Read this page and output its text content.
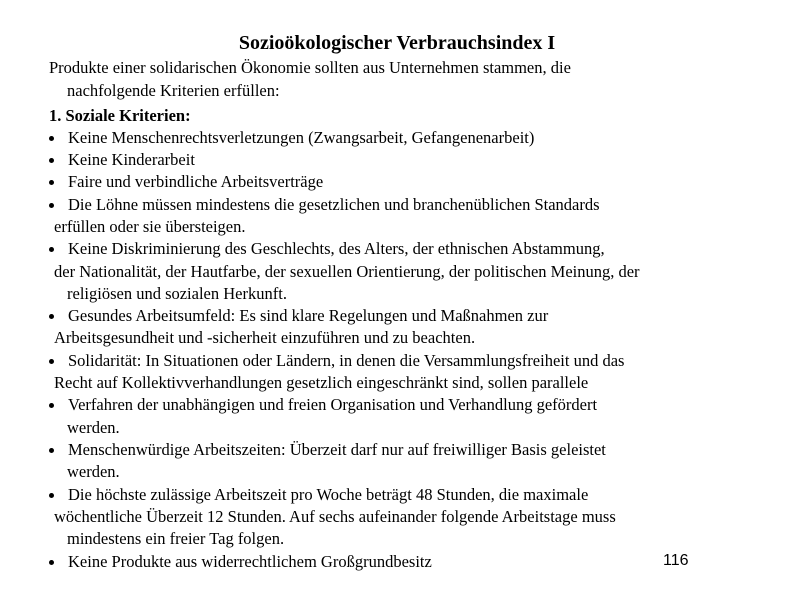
Sozioökologischer Verbrauchsindex I
Produkte einer solidarischen Ökonomie sollten aus Unternehmen stammen, die
nachfolgende Kriterien erfüllen:
1. Soziale Kriterien:
Keine Menschenrechtsverletzungen (Zwangsarbeit, Gefangenenarbeit)
Keine Kinderarbeit
Faire und verbindliche Arbeitsverträge
Die Löhne müssen mindestens die gesetzlichen und branchenüblichen Standards
erfüllen oder sie übersteigen.
Keine Diskriminierung des Geschlechts, des Alters, der ethnischen Abstammung,
der Nationalität, der Hautfarbe, der sexuellen Orientierung, der politischen Meinung, der
religiösen und sozialen Herkunft.
Gesundes Arbeitsumfeld: Es sind klare Regelungen und Maßnahmen zur
Arbeitsgesundheit und -sicherheit einzuführen und zu beachten.
Solidarität: In Situationen oder Ländern, in denen die Versammlungsfreiheit und das
Recht auf Kollektivverhandlungen gesetzlich eingeschränkt sind, sollen parallele
Verfahren der unabhängigen und freien Organisation und Verhandlung gefördert
werden.
Menschenwürdige Arbeitszeiten: Überzeit darf nur auf freiwilliger Basis geleistet
werden.
Die höchste zulässige Arbeitszeit pro Woche beträgt 48 Stunden, die maximale
wöchentliche Überzeit 12 Stunden. Auf sechs aufeinander folgende Arbeitstage muss
mindestens ein freier Tag folgen.
Keine Produkte aus widerrechtlichem Großgrundbesitz	116
